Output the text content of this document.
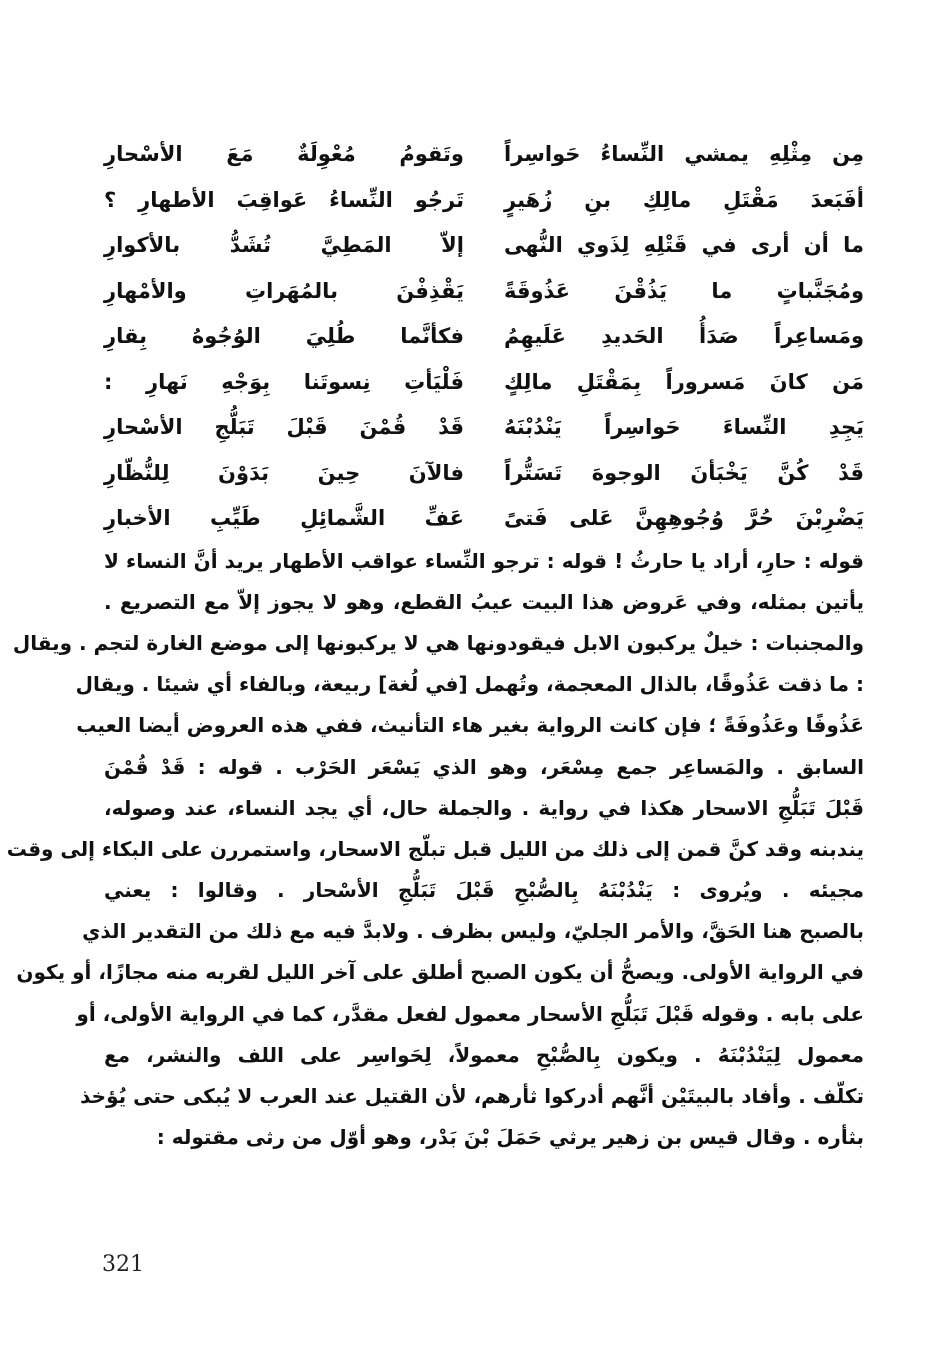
مِن مِثْلِهِ يمشي النِّساءُ حَواسِراً
وتَقومُ مُعْوِلَةٌ مَعَ الأسْحارِ
أفَبَعدَ مَقْتَلِ مالِكِ بنِ زُهَيرٍ
تَرجُو النِّساءُ عَواقِبَ الأطهارِ ؟
ما أن أرى في قَتْلِهِ لِذَوي النُّهى
إلاّ المَطِيَّ تُشَدُّ بالأكوارِ
ومُجَنَّباتٍ ما يَذُقْنَ عَذُوقَةً
يَقْذِفْنَ بالمُهَراتِ والأمْهارِ
ومَساعِراً صَدَأُ الحَديدِ عَلَيهِمُ
فكأنَّما طُلِيَ الوُجُوهُ بِقارِ
مَن كانَ مَسروراً بِمَقْتَلِ مالِكٍ
فَلْيَأتِ نِسوتَنا بِوَجْهِ نَهارِ :
يَجِدِ النِّساءَ حَواسِراً يَنْدُبْنَهُ
قَدْ قُمْنَ قَبْلَ تَبَلُّجِ الأسْحارِ
قَدْ كُنَّ يَخْبَأنَ الوجوهَ تَسَتُّراً
فالآنَ حِينَ بَدَوْنَ لِلنُّظّارِ
يَضْرِبْنَ حُرَّ وُجُوهِهِنَّ عَلى فَتىً
عَفِّ الشَّمائِلِ طَيِّبِ الأخبارِ
قوله : حارِ، أراد يا حارثُ ! قوله : ترجو النِّساء عواقب الأطهار يريد أنَّ النساء لا
يأتين بمثله، وفي عَروض هذا البيت عيبُ القطع، وهو لا يجوز إلاّ مع التصريع .
والمجنبات : خيلٌ يركبون الابل فيقودونها هي لا يركبونها إلى موضع الغارة لتجم . ويقال
: ما ذقت عَذُوقًا، بالذال المعجمة، وتُهمل [في لُغة] ربيعة، وبالفاء أي شيئا . ويقال
عَذُوفًا وعَذُوفَةً ؛ فإن كانت الرواية بغير هاء التأنيث، ففي هذه العروض أيضا العيب
السابق . والمَساعِر جمع مِسْعَر، وهو الذي يَسْعَر الحَرْب . قوله : قَدْ قُمْنَ
قَبْلَ تَبَلُّجِ الاسحار هكذا في رواية . والجملة حال، أي يجد النساء، عند وصوله،
يندبنه وقد كنَّ قمن إلى ذلك من الليل قبل تبلّج الاسحار، واستمررن على البكاء إلى وقت
مجيئه . ويُروى : يَنْدُبْنَهُ بِالصُّبْحِ قَبْلَ تَبَلُّجِ الأسْحار . وقالوا : يعني
بالصبح هنا الحَقَّ، والأمر الجليّ، وليس بظرف . ولابدَّ فيه مع ذلك من التقدير الذي
في الرواية الأولى. ويصحُّ أن يكون الصبح أطلق على آخر الليل لقربه منه مجازًا، أو يكون
على بابه . وقوله قَبْلَ تَبَلُّجِ الأسحار معمول لفعل مقدَّر، كما في الرواية الأولى، أو
معمول لِيَنْدُبْنَهُ . ويكون بِالصُّبْحِ معمولاً، لِحَواسِر على اللف والنشر، مع
تكلّف . وأفاد بالبيتَيْن أنَّهم أدركوا ثأرهم، لأن القتيل عند العرب لا يُبكى حتى يُؤخذ
بثأره . وقال قيس بن زهير يرثي حَمَلَ بْنَ بَدْر، وهو أوّل من رثى مقتوله :
321
